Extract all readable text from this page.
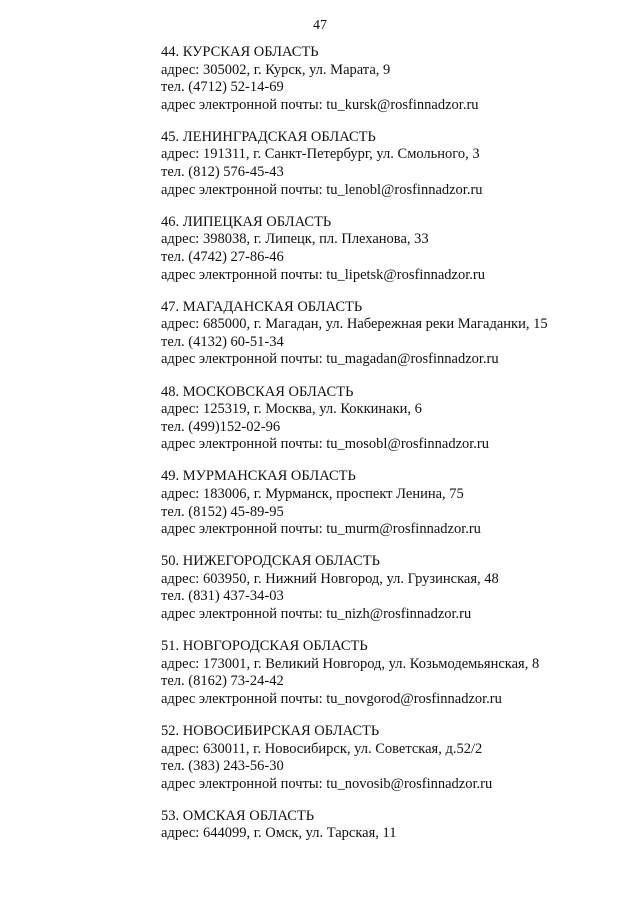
47
44. КУРСКАЯ ОБЛАСТЬ
адрес: 305002, г. Курск, ул. Марата, 9
тел. (4712) 52-14-69
адрес электронной почты: tu_kursk@rosfinnadzor.ru
45. ЛЕНИНГРАДСКАЯ ОБЛАСТЬ
адрес: 191311, г. Санкт-Петербург, ул. Смольного, 3
тел. (812) 576-45-43
адрес электронной почты: tu_lenobl@rosfinnadzor.ru
46. ЛИПЕЦКАЯ ОБЛАСТЬ
адрес: 398038, г. Липецк, пл. Плеханова, 33
тел. (4742) 27-86-46
адрес электронной почты: tu_lipetsk@rosfinnadzor.ru
47. МАГАДАНСКАЯ ОБЛАСТЬ
адрес: 685000, г. Магадан, ул. Набережная реки Магаданки, 15
тел. (4132) 60-51-34
адрес электронной почты: tu_magadan@rosfinnadzor.ru
48. МОСКОВСКАЯ ОБЛАСТЬ
адрес: 125319, г. Москва, ул. Коккинаки, 6
тел. (499)152-02-96
адрес электронной почты: tu_mosobl@rosfinnadzor.ru
49. МУРМАНСКАЯ ОБЛАСТЬ
адрес: 183006, г. Мурманск, проспект Ленина, 75
тел. (8152) 45-89-95
адрес электронной почты: tu_murm@rosfinnadzor.ru
50. НИЖЕГОРОДСКАЯ ОБЛАСТЬ
адрес: 603950, г. Нижний Новгород, ул. Грузинская, 48
тел. (831) 437-34-03
адрес электронной почты: tu_nizh@rosfinnadzor.ru
51. НОВГОРОДСКАЯ ОБЛАСТЬ
адрес: 173001, г. Великий Новгород, ул. Козьмодемьянская, 8
тел. (8162) 73-24-42
адрес электронной почты: tu_novgorod@rosfinnadzor.ru
52. НОВОСИБИРСКАЯ ОБЛАСТЬ
адрес: 630011, г. Новосибирск, ул. Советская, д.52/2
тел. (383) 243-56-30
адрес электронной почты: tu_novosib@rosfinnadzor.ru
53. ОМСКАЯ ОБЛАСТЬ
адрес: 644099, г. Омск, ул. Тарская, 11
